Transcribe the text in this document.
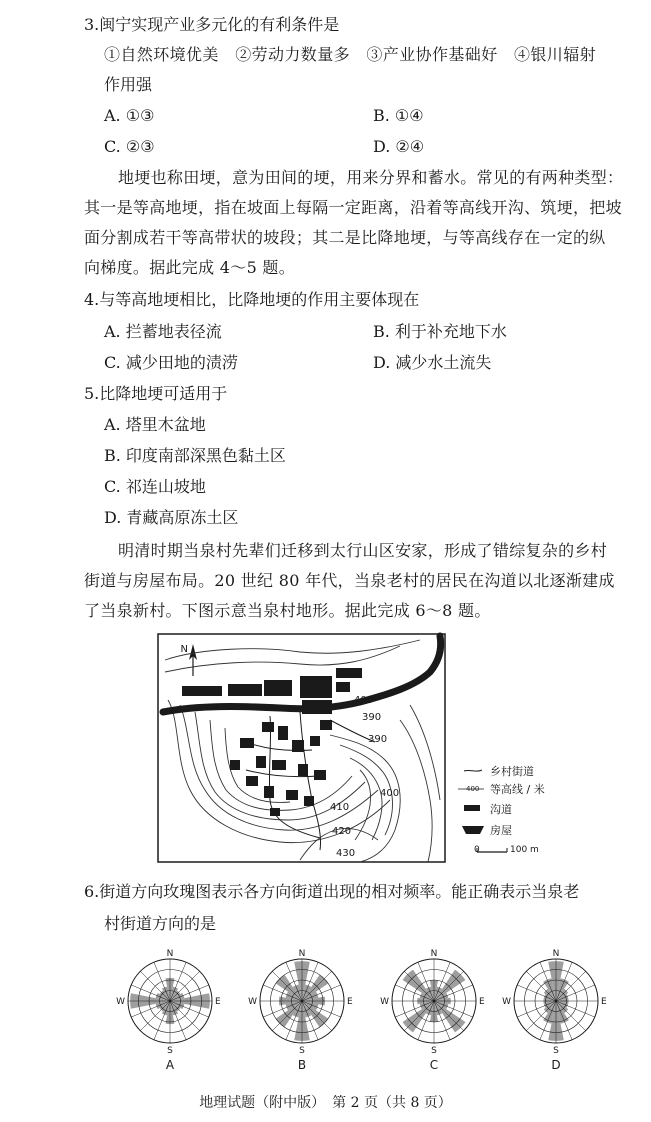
3.闽宁实现产业多元化的有利条件是
①自然环境优美　②劳动力数量多　③产业协作基础好　④银川辐射
作用强
A. ①③	B. ①④
C. ②③	D. ②④
地埂也称田埂，意为田间的埂，用来分界和蓄水。常见的有两种类型：
其一是等高地埂，指在坡面上每隔一定距离，沿着等高线开沟、筑埂，把坡
面分割成若干等高带状的坡段；其二是比降地埂，与等高线存在一定的纵
向梯度。据此完成 4～5 题。
4.与等高地埂相比，比降地埂的作用主要体现在
A. 拦蓄地表径流	B. 利于补充地下水
C. 减少田地的渍涝	D. 减少水土流失
5.比降地埂可适用于
A. 塔里木盆地
B. 印度南部深黑色黏土区
C. 祁连山坡地
D. 青藏高原冻土区
明清时期当泉村先辈们迁移到太行山区安家，形成了错综复杂的乡村
街道与房屋布局。20 世纪 80 年代，当泉老村的居民在沟道以北逐渐建成
了当泉新村。下图示意当泉村地形。据此完成 6～8 题。
N
400
390
390
400
410
420
430
乡村街道
400 等高线 / 米
沟道
房屋
0	100 m
6.街道方向玫瑰图表示各方向街道出现的相对频率。能正确表示当泉老
村街道方向的是
N
S
E
W
A
N
S
E
W
B
N
S
E
W
C
N
S
E
W
D
地理试题（附中版）　第 2 页（共 8 页）
